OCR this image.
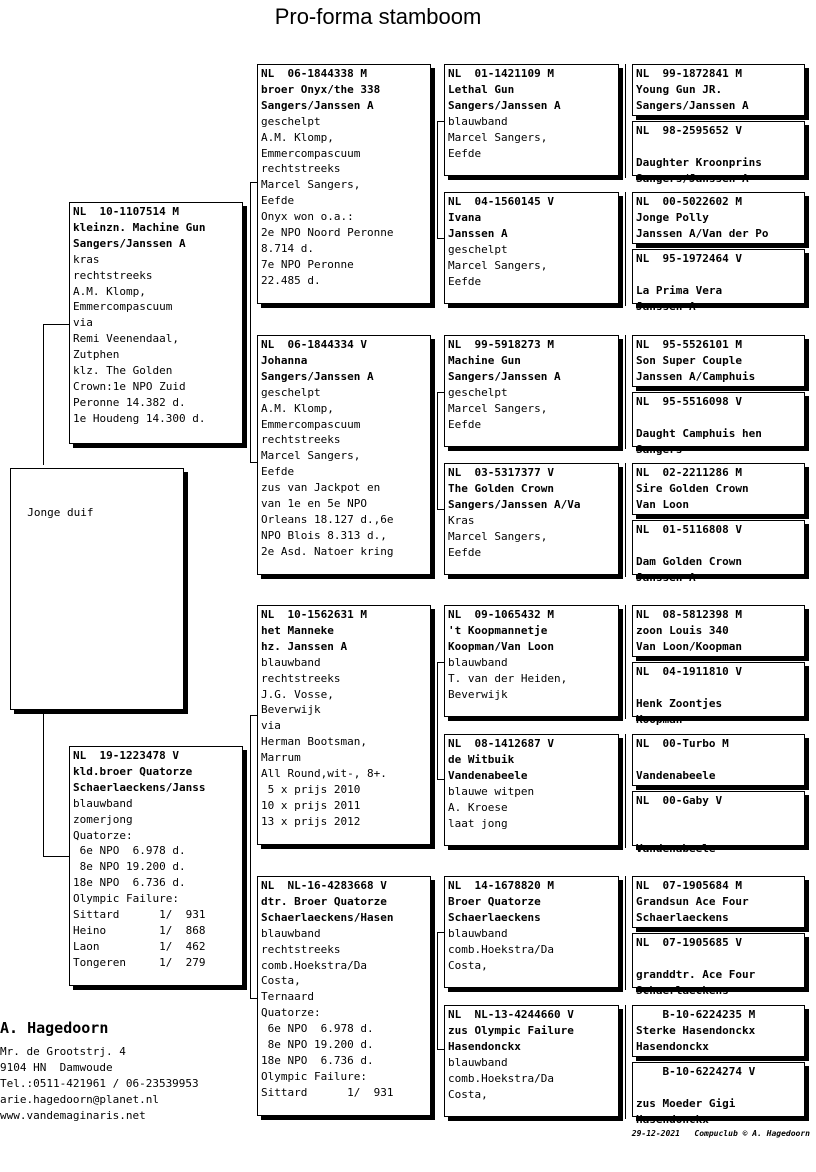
Pro-forma stamboom

Jonge duif

NL  10-1107514 M
kleinzn. Machine Gun
Sangers/Janssen A
kras
rechtstreeks
A.M. Klomp,
Emmercompascuum
via
Remi Veenendaal,
Zutphen
klz. The Golden
Crown:1e NPO Zuid
Peronne 14.382 d.
1e Houdeng 14.300 d.
NL  19-1223478 V
kld.broer Quatorze
Schaerlaeckens/Janss
blauwband
zomerjong
Quatorze:
6e NPO  6.978 d.
8e NPO 19.200 d.
18e NPO  6.736 d.
Olympic Failure:
Sittard      1/  931
Heino        1/  868
Laon         1/  462
Tongeren     1/  279
NL  06-1844338 M
broer Onyx/the 338
Sangers/Janssen A
geschelpt
A.M. Klomp,
Emmercompascuum
rechtstreeks
Marcel Sangers,
Eefde
Onyx won o.a.:
2e NPO Noord Peronne
8.714 d.
7e NPO Peronne
22.485 d.
NL  06-1844334 V
Johanna
Sangers/Janssen A
geschelpt
A.M. Klomp,
Emmercompascuum
rechtstreeks
Marcel Sangers,
Eefde
zus van Jackpot en
van 1e en 5e NPO
Orleans 18.127 d.,6e
NPO Blois 8.313 d.,
2e Asd. Natoer kring
NL  10-1562631 M
het Manneke
hz. Janssen A
blauwband
rechtstreeks
J.G. Vosse,
Beverwijk
via
Herman Bootsman,
Marrum
All Round,wit-, 8+.
5 x prijs 2010
10 x prijs 2011
13 x prijs 2012
NL  NL-16-4283668 V
dtr. Broer Quatorze
Schaerlaeckens/Hasen
blauwband
rechtstreeks
comb.Hoekstra/Da
Costa,
Ternaard
Quatorze:
6e NPO  6.978 d.
8e NPO 19.200 d.
18e NPO  6.736 d.
Olympic Failure:
Sittard      1/  931
NL  01-1421109 M
Lethal Gun
Sangers/Janssen A
blauwband
Marcel Sangers,
Eefde
NL  04-1560145 V
Ivana
Janssen A
geschelpt
Marcel Sangers,
Eefde
NL  99-5918273 M
Machine Gun
Sangers/Janssen A
geschelpt
Marcel Sangers,
Eefde
NL  03-5317377 V
The Golden Crown
Sangers/Janssen A/Va
Kras
Marcel Sangers,
Eefde
NL  09-1065432 M
't Koopmannetje
Koopman/Van Loon
blauwband
T. van der Heiden,
Beverwijk
NL  08-1412687 V
de Witbuik
Vandenabeele
blauwe witpen
A. Kroese
laat jong
NL  14-1678820 M
Broer Quatorze
Schaerlaeckens
blauwband
comb.Hoekstra/Da
Costa,
NL  NL-13-4244660 V
zus Olympic Failure
Hasendonckx
blauwband
comb.Hoekstra/Da
Costa,
NL  99-1872841 M
Young Gun JR.
Sangers/Janssen A
NL  98-2595652 V

Daughter Kroonprins
Sangers/Janssen A
NL  00-5022602 M
Jonge Polly
Janssen A/Van der Po
NL  95-1972464 V

La Prima Vera
Janssen A
NL  95-5526101 M
Son Super Couple
Janssen A/Camphuis
NL  95-5516098 V

Daught Camphuis hen
Sangers
NL  02-2211286 M
Sire Golden Crown
Van Loon
NL  01-5116808 V

Dam Golden Crown
Janssen A
NL  08-5812398 M
zoon Louis 340
Van Loon/Koopman
NL  04-1911810 V

Henk Zoontjes
Koopman
NL  00-Turbo M

Vandenabeele
NL  00-Gaby V

Vandenabeele
NL  07-1905684 M
Grandsun Ace Four
Schaerlaeckens
NL  07-1905685 V

granddtr. Ace Four
Schaerlaeckens
B-10-6224235 M
Sterke Hasendonckx
Hasendonckx
B-10-6224274 V

zus Moeder Gigi
Hasendonckx
A. Hagedoorn
Mr. de Grootstrj. 4
9104 HN  Damwoude
Tel.:0511-421961 / 06-23539953
arie.hagedoorn@planet.nl
www.vandemaginaris.net
29-12-2021 Compuclub © A. Hagedoorn
